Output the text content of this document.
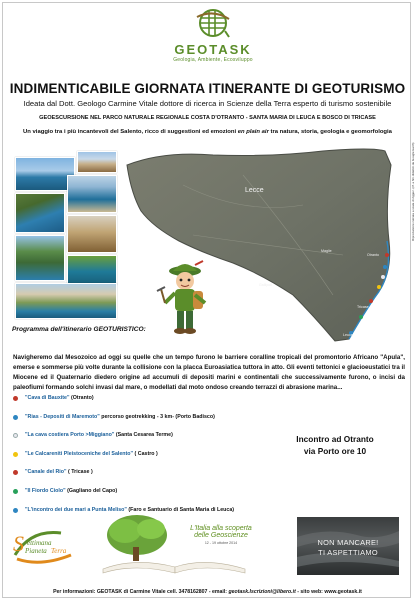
GEOTASK
Geologia, Ambiente, Ecosviluppo
INDIMENTICABILE GIORNATA ITINERANTE DI GEOTURISMO
Ideata dal Dott. Geologo Carmine Vitale dottore di ricerca in Scienze della Terra esperto di turismo sostenibile
GEOESCURSIONE NEL PARCO NATURALE REGIONALE COSTA D'OTRANTO - SANTA MARIA DI LEUCA E BOSCO DI TRICASE
Un viaggio tra i più incantevoli del Salento, ricco di suggestioni ed emozioni en plain air tra natura, storia, geologia e geomorfologia
Lecce
Otranto
Maglie
Gallipoli
Tricase
Leuca
Riproduzione calcata a scala di Aggez. (rif. a fini didattici da Google Earth)
Programma dell'itinerario GEOTURISTICO:
Navigheremo dal Mesozoico ad oggi su quelle che un tempo furono le barriere coralline tropicali del promontorio Africano "Apula", emerse e sommerse più volte durante la collisione con la placca Euroasiatica tuttora in atto. Gli eventi tettonici e glacioeustatici tra il Miocene ed il Quaternario diedero origine ad accumuli di depositi marini e continentali che successivamente furono, o incisi da paleofiumi formando solchi invasi dal mare, o modellati dal moto ondoso creando terrazzi di abrasione marina...
"Cava di Bauxite" (Otranto)
"Rias - Depositi di Maremoto" percorso geotrekking - 3 km- (Porto Badisco)
"La cava costiera Porto >Miggiano" (Santa Cesarea Terme)
"Le Calcareniti Pleistoceniche del Salento" ( Castro )
"Canale del Rio" ( Tricase )
"Il Fiordo Ciolo" (Gagliano del Capo)
"L'incontro dei due mari a Punta Meliso" (Faro e Santuario di Santa Maria di Leuca)
Incontro ad Otranto
via Porto ore 10
S ettimana
Pianeta Terra
L'Italia alla scoperta
delle Geoscienze
12 - 19 ottobre 2014	NON MANCARE!
TI ASPETTIAMO
Per informazioni: GEOTASK di Carmine Vitale cell. 3478162807 - email: geotask.Iscrizioni@libero.it - sito web: www.geotask.it
